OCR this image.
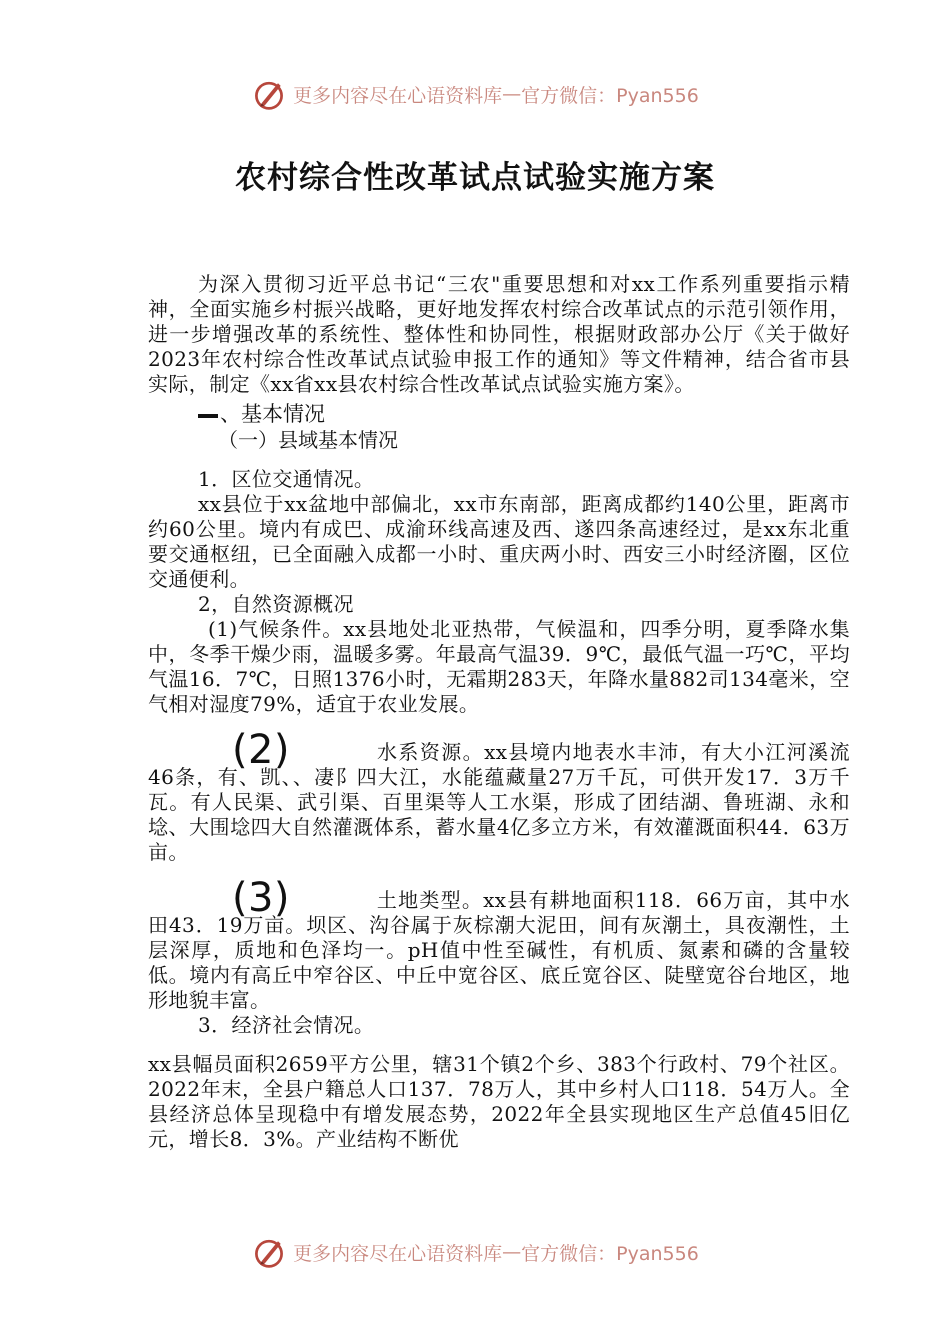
更多内容尽在心语资料库 — 官方微信：Pyan556
农村综合性改革试点试验实施方案

为深入贯彻习近平总书记“三农"重要思想和对xx工作系列重要指示精神，全面实施乡村振兴战略，更好地发挥农村综合改革试点的示范引领作用，进一步增强改革的系统性、整体性和协同性，根据财政部办公厅《关于做好2023年农村综合性改革试点试验申报工作的通知》等文件精神，结合省市县实际，制定《xx省xx县农村综合性改革试点试验实施方案》。

、基本情况

（一）县域基本情况

1．区位交通情况。

xx县位于xx盆地中部偏北，xx市东南部，距离成都约140公里，距离市约60公里。境内有成巴、成渝环线高速及西、遂四条高速经过，是xx东北重要交通枢纽，已全面融入成都一小时、重庆两小时、西安三小时经济圈，区位交通便利。

2，自然资源概况

(1)气候条件。xx县地处北亚热带，气候温和，四季分明，夏季降水集中，冬季干燥少雨，温暖多雾。年最高气温39．9℃，最低气温一巧℃，平均气温16．7℃，日照1376小时，无霜期283天，年降水量882司134毫米，空气相对湿度79%，适宜于农业发展。

(2)	水系资源。xx县境内地表水丰沛，有大小江河溪流46条，有、凯、、凄阝四大江，水能蕴藏量27万千瓦，可供开发17．3万千瓦。有人民渠、武引渠、百里渠等人工水渠，形成了团结湖、鲁班湖、永和埝、大围埝四大自然灌溉体系，蓄水量4亿多立方米，有效灌溉面积44．63万亩。

(3)	土地类型。xx县有耕地面积118．66万亩，其中水田43．19万亩。坝区、沟谷属于灰棕潮大泥田，间有灰潮土，具夜潮性，土层深厚，质地和色泽均一。pH值中性至碱性，有机质、氮素和磷的含量较低。境内有高丘中窄谷区、中丘中宽谷区、底丘宽谷区、陡壁宽谷台地区，地形地貌丰富。

3．经济社会情况。

xx县幅员面积2659平方公里，辖31个镇2个乡、383个行政村、79个社区。2022年末，全县户籍总人口137．78万人，其中乡村人口118．54万人。全县经济总体呈现稳中有增发展态势，2022年全县实现地区生产总值45旧亿元，增长8．3%。产业结构不断优

更多内容尽在心语资料库 — 官方微信：Pyan556
